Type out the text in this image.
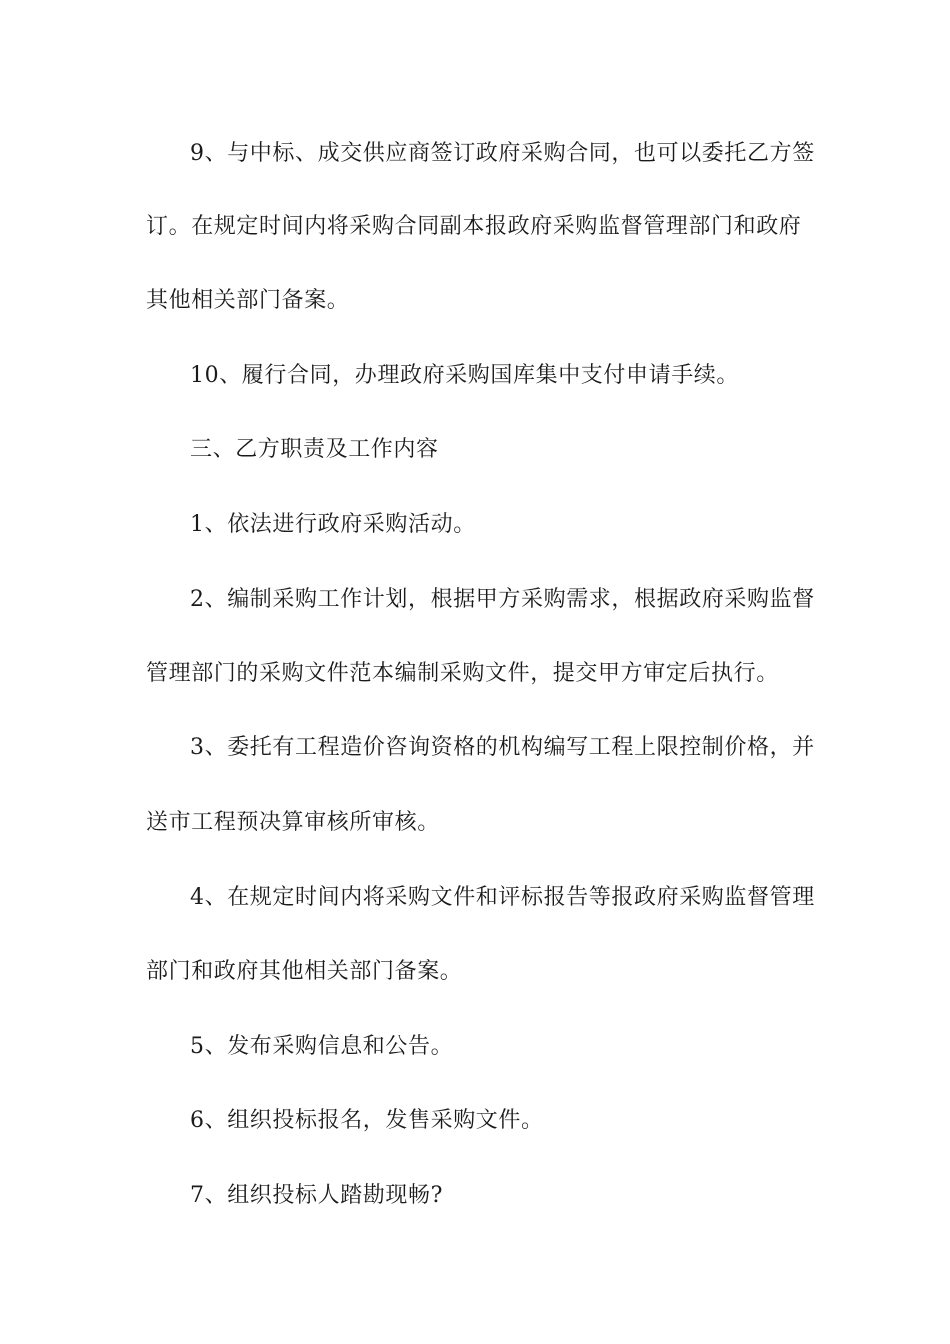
9、与中标、成交供应商签订政府采购合同，也可以委托乙方签
订。在规定时间内将采购合同副本报政府采购监督管理部门和政府
其他相关部门备案。
10、履行合同，办理政府采购国库集中支付申请手续。
三、乙方职责及工作内容
1、依法进行政府采购活动。
2、编制采购工作计划，根据甲方采购需求，根据政府采购监督
管理部门的采购文件范本编制采购文件，提交甲方审定后执行。
3、委托有工程造价咨询资格的机构编写工程上限控制价格，并
送市工程预决算审核所审核。
4、在规定时间内将采购文件和评标报告等报政府采购监督管理
部门和政府其他相关部门备案。
5、发布采购信息和公告。
6、组织投标报名，发售采购文件。
7、组织投标人踏勘现畅?
